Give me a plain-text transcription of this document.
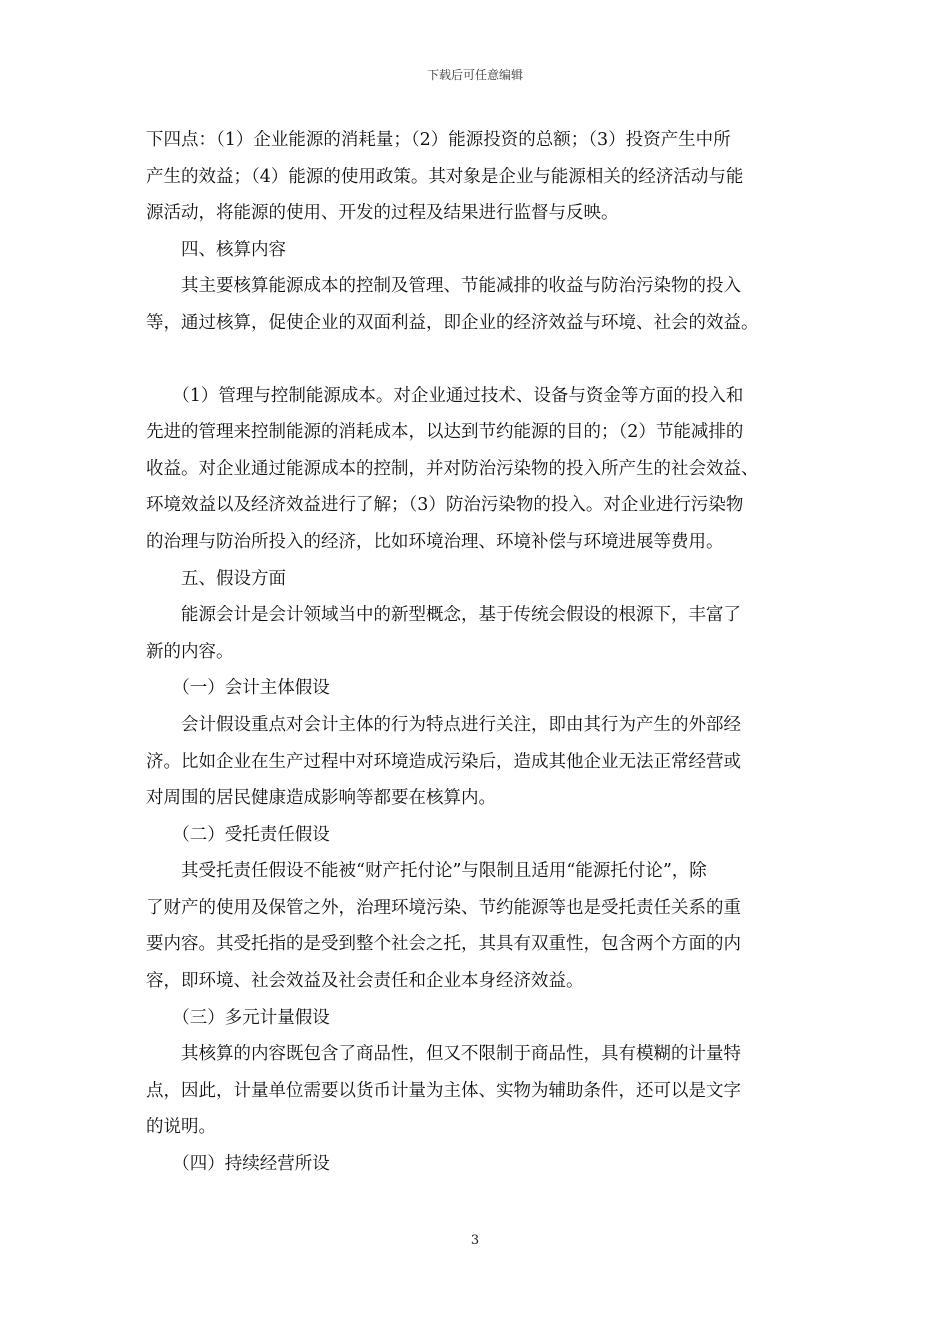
下载后可任意编辑
下四点：（1）企业能源的消耗量；（2）能源投资的总额；（3）投资产生中所
产生的效益；（4）能源的使用政策。其对象是企业与能源相关的经济活动与能
源活动，将能源的使用、开发的过程及结果进行监督与反映。
　　四、核算内容
　　其主要核算能源成本的控制及管理、节能减排的收益与防治污染物的投入
等，通过核算，促使企业的双面利益，即企业的经济效益与环境、社会的效益。
　　（1）管理与控制能源成本。对企业通过技术、设备与资金等方面的投入和
先进的管理来控制能源的消耗成本，以达到节约能源的目的；（2）节能减排的
收益。对企业通过能源成本的控制，并对防治污染物的投入所产生的社会效益、
环境效益以及经济效益进行了解；（3）防治污染物的投入。对企业进行污染物
的治理与防治所投入的经济，比如环境治理、环境补偿与环境进展等费用。
　　五、假设方面
　　能源会计是会计领域当中的新型概念，基于传统会假设的根源下，丰富了
新的内容。
　　（一）会计主体假设
　　会计假设重点对会计主体的行为特点进行关注，即由其行为产生的外部经
济。比如企业在生产过程中对环境造成污染后，造成其他企业无法正常经营或
对周围的居民健康造成影响等都要在核算内。
　　（二）受托责任假设
　　其受托责任假设不能被“财产托付论”与限制且适用“能源托付论”，除
了财产的使用及保管之外，治理环境污染、节约能源等也是受托责任关系的重
要内容。其受托指的是受到整个社会之托，其具有双重性，包含两个方面的内
容，即环境、社会效益及社会责任和企业本身经济效益。
　　（三）多元计量假设
　　其核算的内容既包含了商品性，但又不限制于商品性，具有模糊的计量特
点，因此，计量单位需要以货币计量为主体、实物为辅助条件，还可以是文字
的说明。
　　（四）持续经营所设
3
